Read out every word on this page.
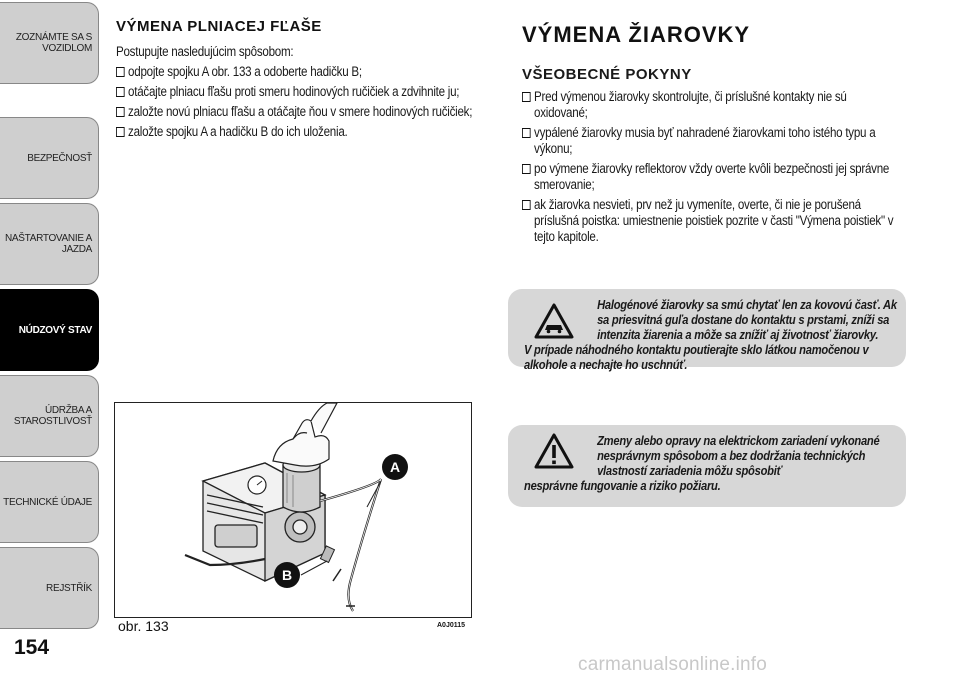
ZOZNÁMTE SA S
VOZIDLOM
BEZPEČNOSŤ
NAŠTARTOVANIE A
JAZDA
NÚDZOVÝ STAV
ÚDRŽBA A
STAROSTLIVOSŤ
TECHNICKÉ ÚDAJE
REJSTŘÍK
154
VÝMENA PLNIACEJ FĽAŠE

Postupujte nasledujúcim spôsobom:

odpojte spojku A obr. 133 a odoberte hadičku B;

otáčajte plniacu fľašu proti smeru hodinových ručičiek a zdvihnite ju;

založte novú plniacu fľašu a otáčajte ňou v smere hodinových ručičiek;

založte spojku A a hadičku B do ich uloženia.

A
B
obr. 133	A0J0115
VÝMENA ŽIAROVKY
VŠEOBECNÉ POKYNY

Pred výmenou žiarovky skontrolujte, či príslušné kontakty nie sú oxidované;

vypálené žiarovky musia byť nahradené žiarovkami toho istého typu a výkonu;

po výmene žiarovky reflektorov vždy overte kvôli bezpečnosti jej správne smerovanie;

ak žiarovka nesvieti, prv než ju vymeníte, overte, či nie je porušená príslušná poistka: umiestnenie poistiek pozrite v časti "Výmena poistiek" v tejto kapitole.

Halogénové žiarovky sa smú chytať len za kovovú časť. Ak sa priesvitná guľa dostane do kontaktu s prstami, zníži sa intenzita žiarenia a môže sa znížiť aj životnosť žiarovky.
V prípade náhodného kontaktu poutierajte sklo látkou namočenou v alkohole a nechajte ho uschnúť.
Zmeny alebo opravy na elektrickom zariadení vykonané nesprávnym spôsobom a bez dodržania technických vlastností zariadenia môžu spôsobiť
nesprávne fungovanie a riziko požiaru.
carmanualsonline.info
